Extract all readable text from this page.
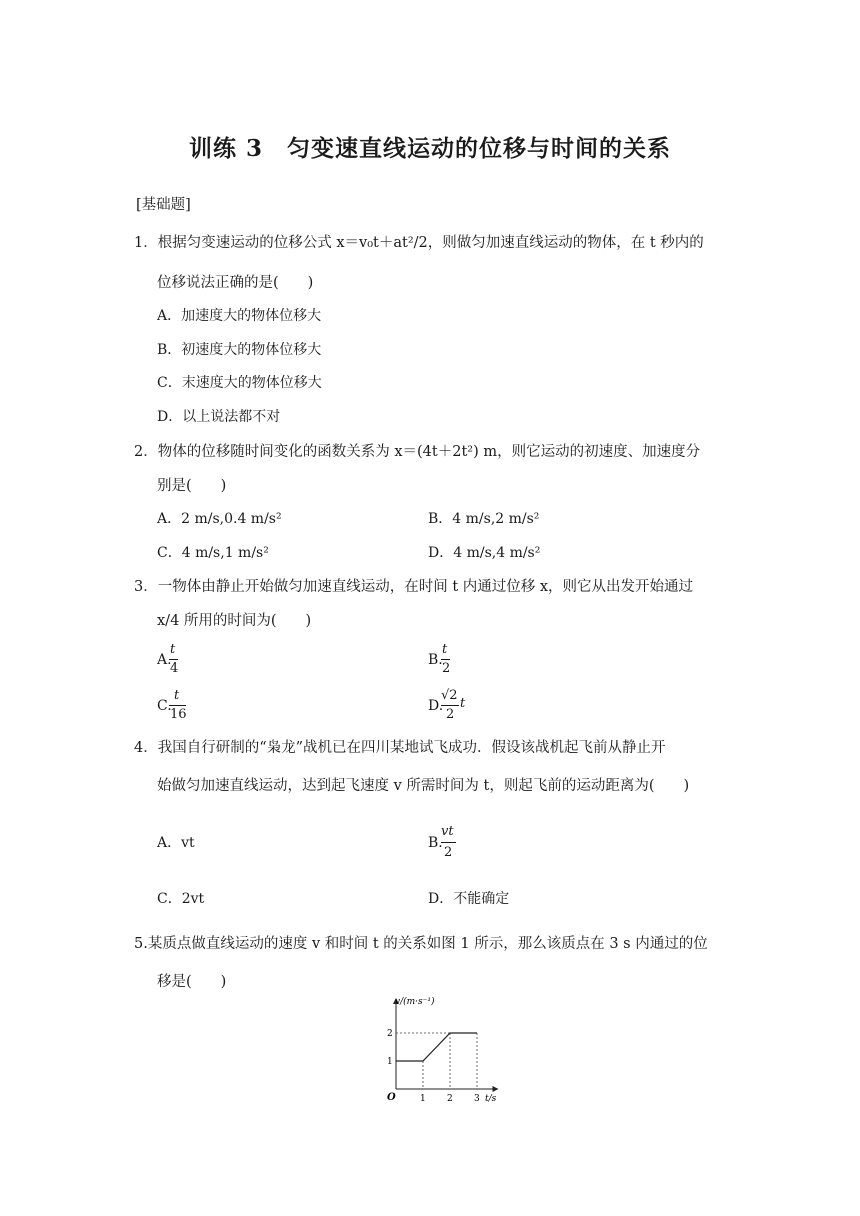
训练 3　匀变速直线运动的位移与时间的关系
[基础题]
1．根据匀变速运动的位移公式 x＝v₀t＋at²/2，则做匀加速直线运动的物体，在 t 秒内的
位移说法正确的是(　　)
A．加速度大的物体位移大
B．初速度大的物体位移大
C．末速度大的物体位移大
D．以上说法都不对
2．物体的位移随时间变化的函数关系为 x＝(4t＋2t²) m，则它运动的初速度、加速度分
别是(　　)
A．2 m/s,0.4 m/s²	B．4 m/s,2 m/s²
C．4 m/s,1 m/s²	D．4 m/s,4 m/s²
3．一物体由静止开始做匀加速直线运动，在时间 t 内通过位移 x，则它从出发开始通过
x/4 所用的时间为(　　)
A.
t
4
B.
t
2
C.
t
16
D.
√2
2
t
4．我国自行研制的“枭龙”战机已在四川某地试飞成功．假设该战机起飞前从静止开
始做匀加速直线运动，达到起飞速度 v 所需时间为 t，则起飞前的运动距离为(　　)
A．vt	B.
vt
2
C．2vt	D．不能确定
5.某质点做直线运动的速度 v 和时间 t 的关系如图 1 所示，那么该质点在 3 s 内通过的位
移是(　　)
v/(m·s⁻¹)
t/s
O	1 2 3
1
2
